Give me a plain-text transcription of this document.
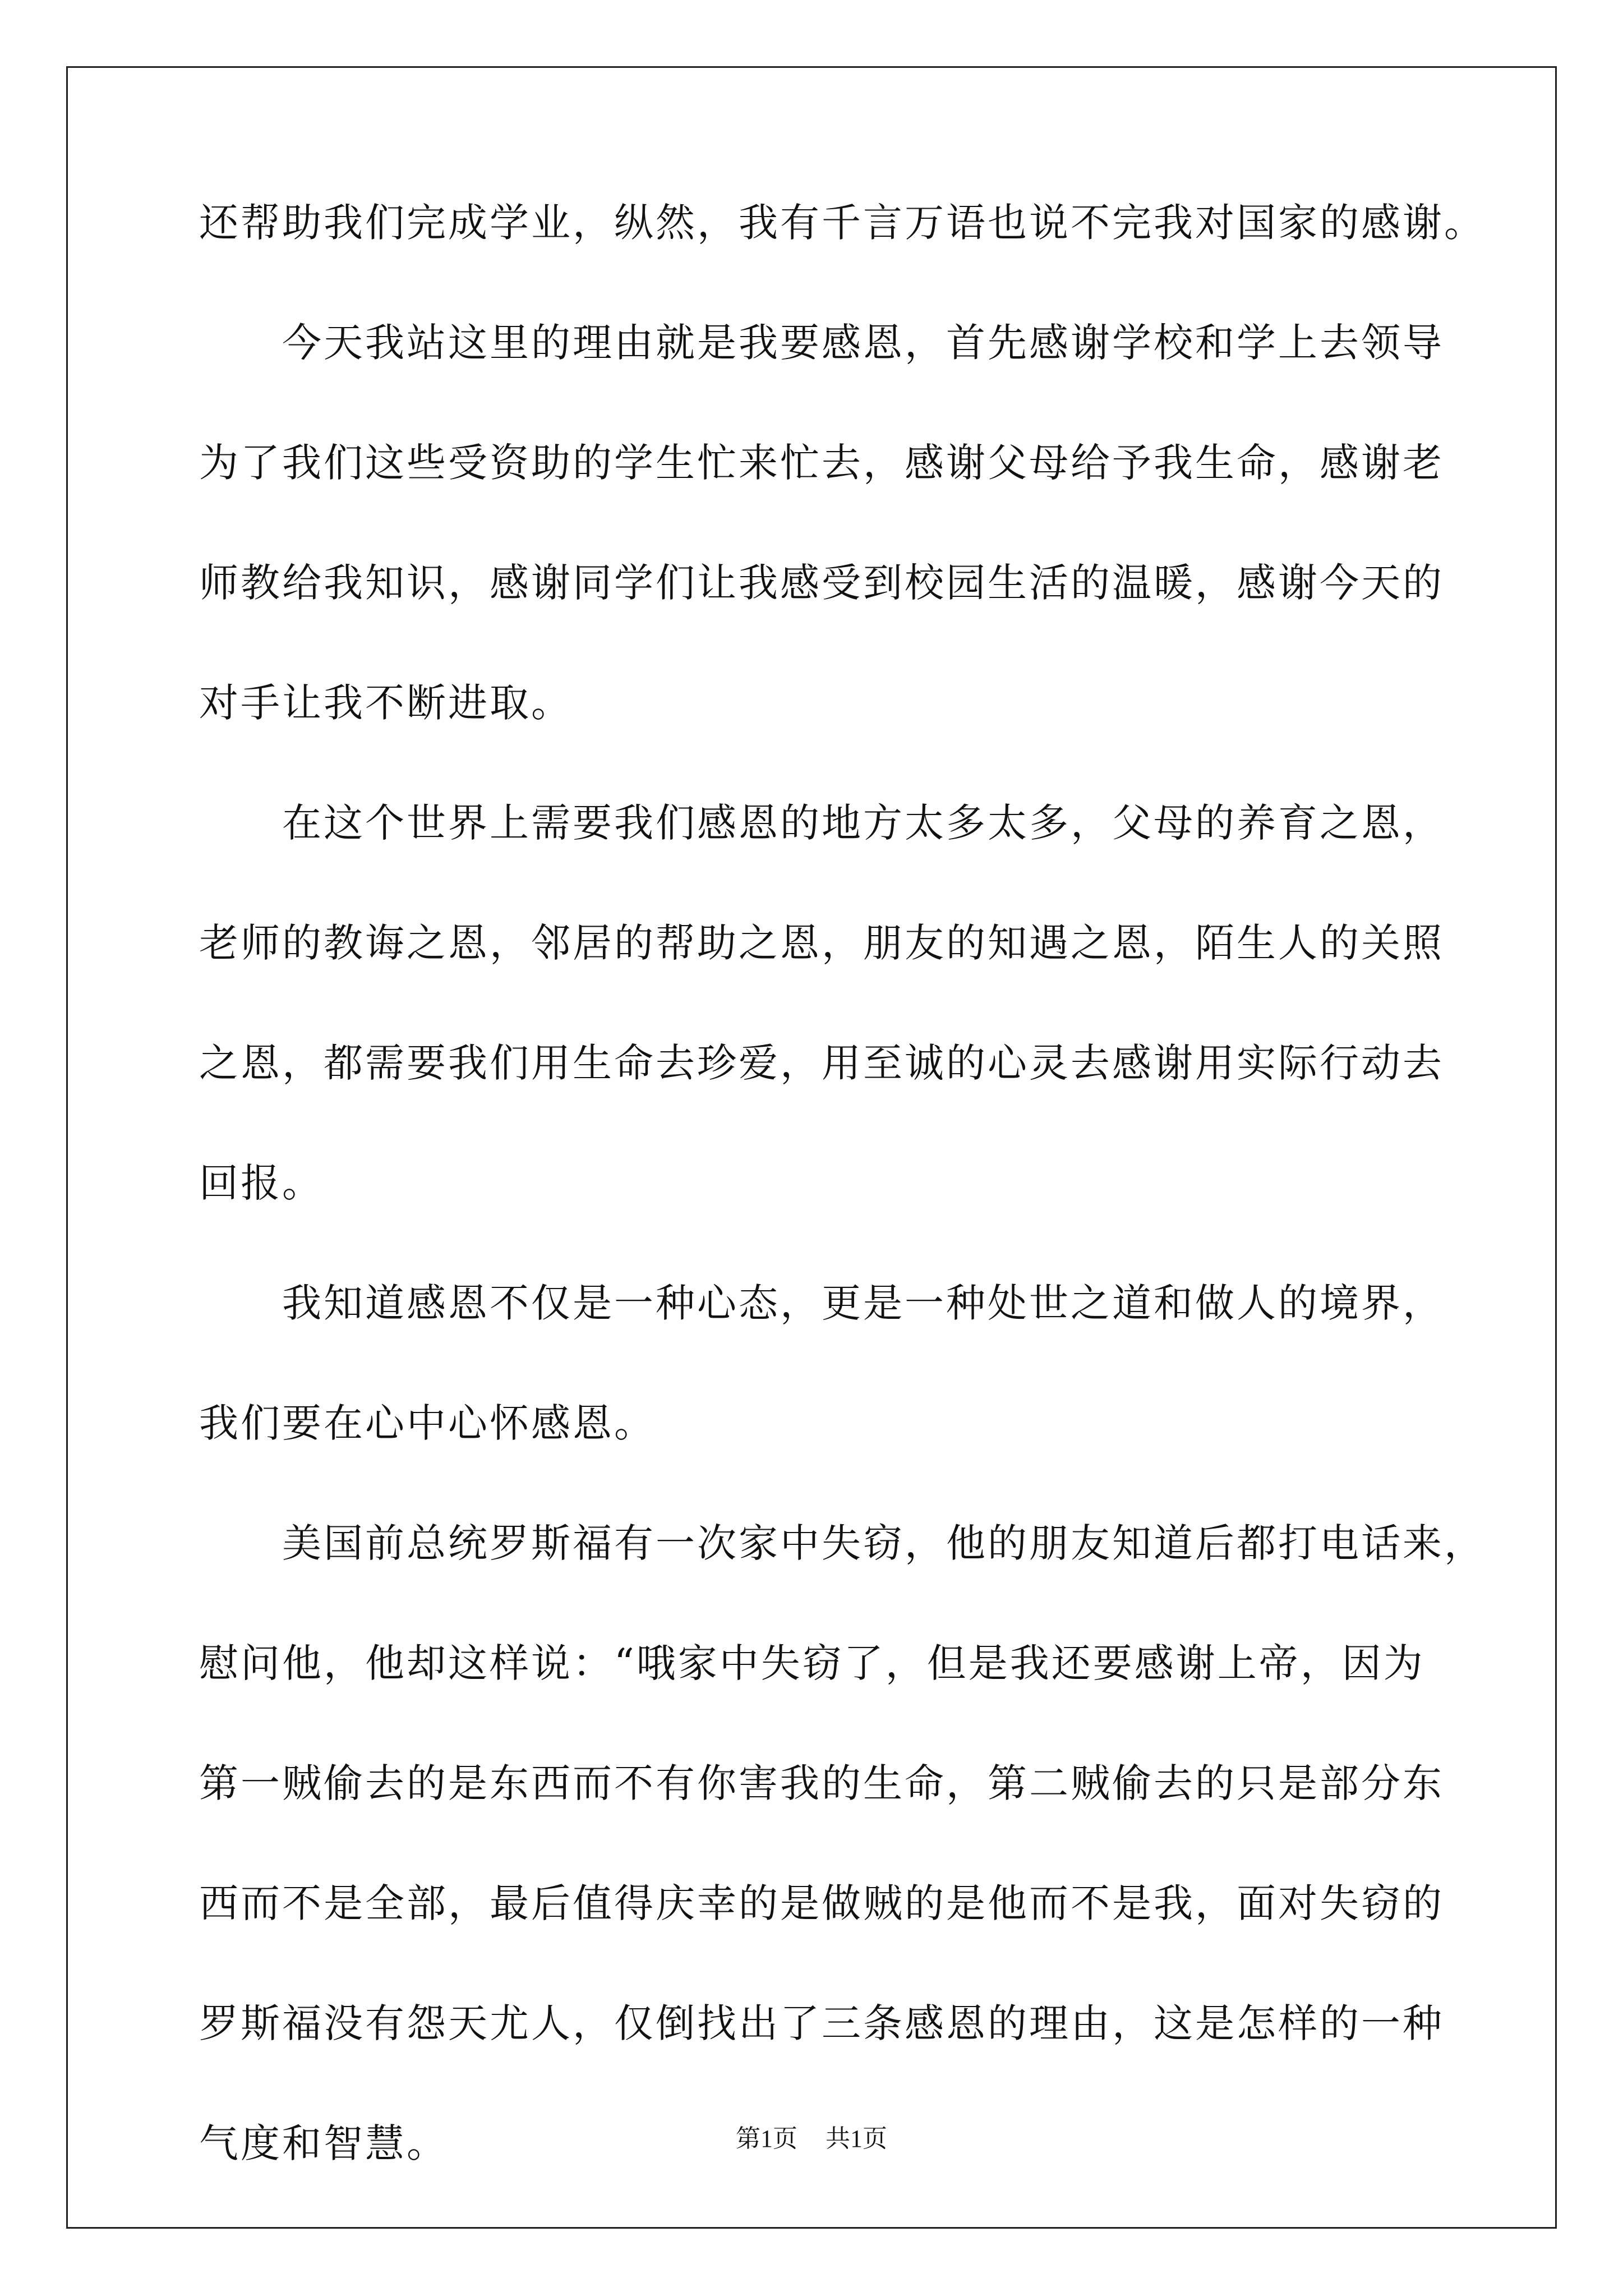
还帮助我们完成学业，纵然，我有千言万语也说不完我对国家的感谢。
今天我站这里的理由就是我要感恩，首先感谢学校和学上去领导
为了我们这些受资助的学生忙来忙去，感谢父母给予我生命，感谢老
师教给我知识，感谢同学们让我感受到校园生活的温暖，感谢今天的
对手让我不断进取。
在这个世界上需要我们感恩的地方太多太多，父母的养育之恩，
老师的教诲之恩，邻居的帮助之恩，朋友的知遇之恩，陌生人的关照
之恩，都需要我们用生命去珍爱，用至诚的心灵去感谢用实际行动去
回报。
我知道感恩不仅是一种心态，更是一种处世之道和做人的境界，
我们要在心中心怀感恩。
美国前总统罗斯福有一次家中失窃，他的朋友知道后都打电话来，
慰问他，他却这样说：“哦家中失窃了，但是我还要感谢上帝，因为
第一贼偷去的是东西而不有你害我的生命，第二贼偷去的只是部分东
西而不是全部，最后值得庆幸的是做贼的是他而不是我，面对失窃的
罗斯福没有怨天尤人，仅倒找出了三条感恩的理由，这是怎样的一种
气度和智慧。	第1页 共1页
